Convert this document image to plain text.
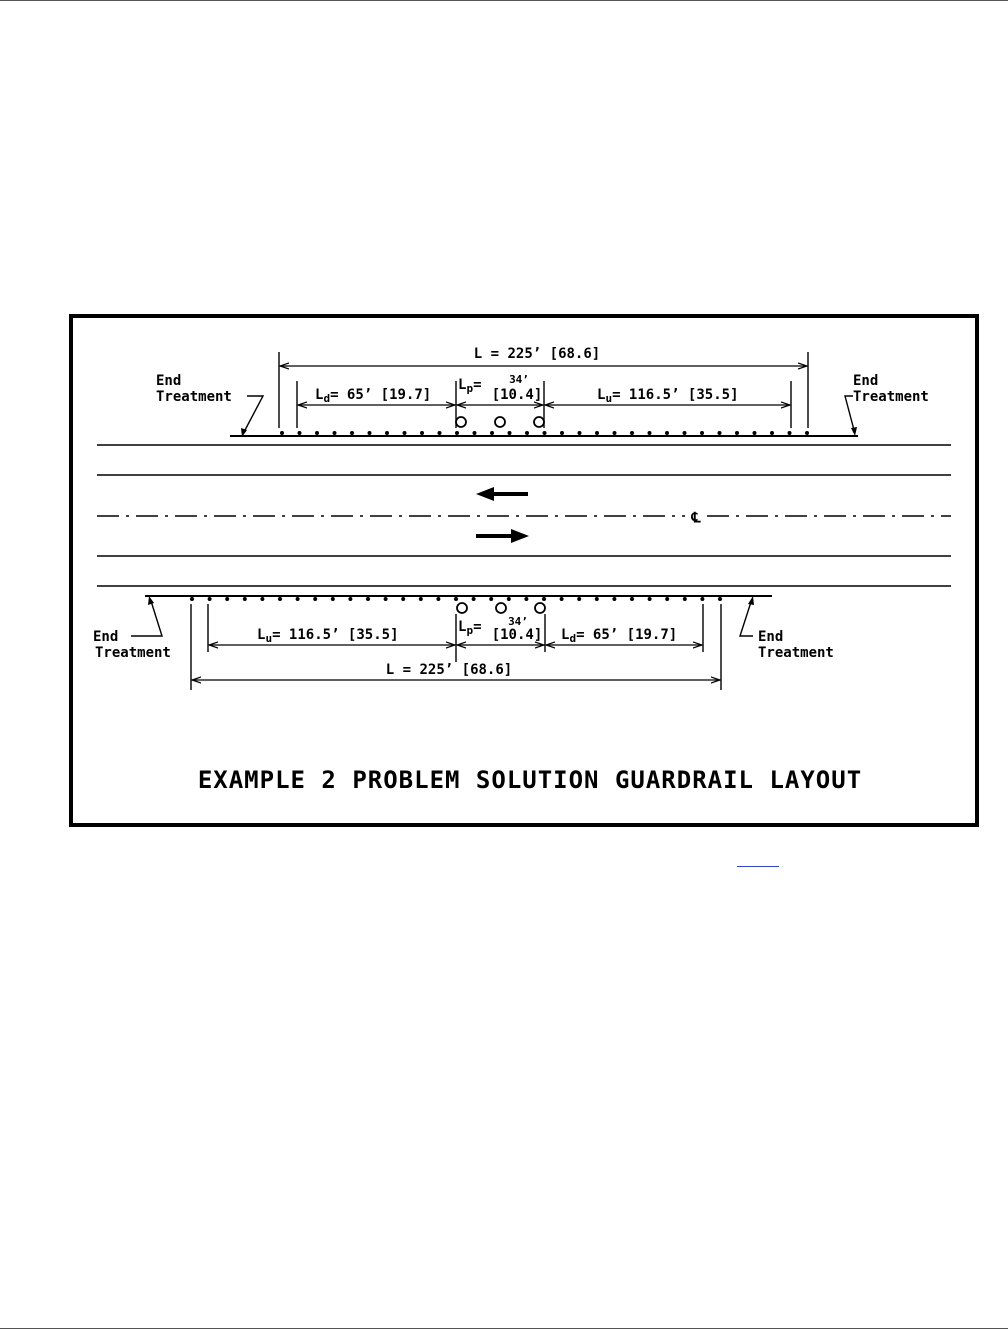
℄
L = 225’ [68.6]
$L_d= 65$’ [19.7]
$L_p=$	34’
[10.4]	$L_u= 116.5$’ [35.5]
End
Treatment
End
Treatment
$L_u= 116.5$’ [35.5]	$L_p= 34$’
[10.4] $L_d= 65$’ [19.7]
L = 225’ [68.6]
End
Treatment
End
Treatment
EXAMPLE 2 PROBLEM SOLUTION GUARDRAIL LAYOUT
